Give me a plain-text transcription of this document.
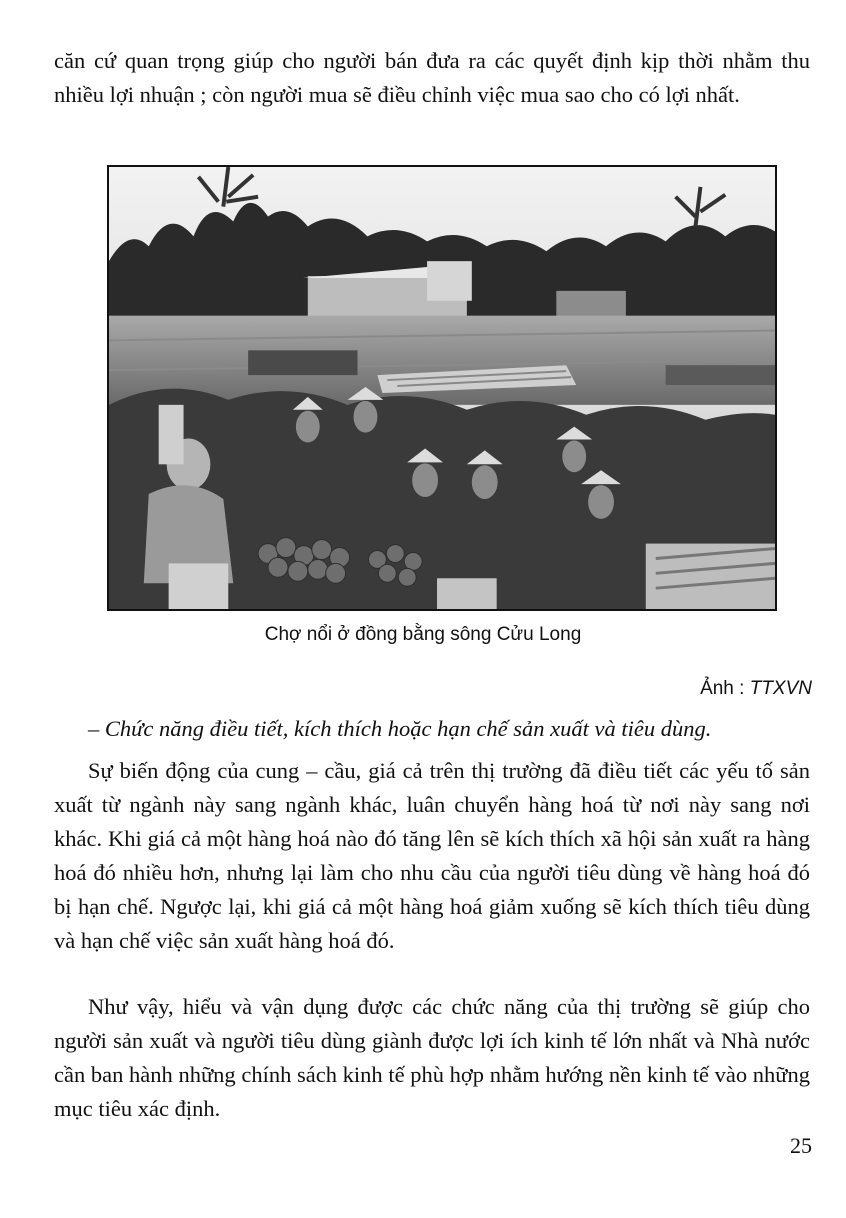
căn cứ quan trọng giúp cho người bán đưa ra các quyết định kịp thời nhằm thu nhiều lợi nhuận ; còn người mua sẽ điều chỉnh việc mua sao cho có lợi nhất.

Chợ nổi ở đồng bằng sông Cửu Long
Ảnh : TTXVN

– Chức năng điều tiết, kích thích hoặc hạn chế sản xuất và tiêu dùng.

Sự biến động của cung – cầu, giá cả trên thị trường đã điều tiết các yếu tố sản xuất từ ngành này sang ngành khác, luân chuyển hàng hoá từ nơi này sang nơi khác. Khi giá cả một hàng hoá nào đó tăng lên sẽ kích thích xã hội sản xuất ra hàng hoá đó nhiều hơn, nhưng lại làm cho nhu cầu của người tiêu dùng về hàng hoá đó bị hạn chế. Ngược lại, khi giá cả một hàng hoá giảm xuống sẽ kích thích tiêu dùng và hạn chế việc sản xuất hàng hoá đó.

Như vậy, hiểu và vận dụng được các chức năng của thị trường sẽ giúp cho người sản xuất và người tiêu dùng giành được lợi ích kinh tế lớn nhất và Nhà nước cần ban hành những chính sách kinh tế phù hợp nhằm hướng nền kinh tế vào những mục tiêu xác định.

25
